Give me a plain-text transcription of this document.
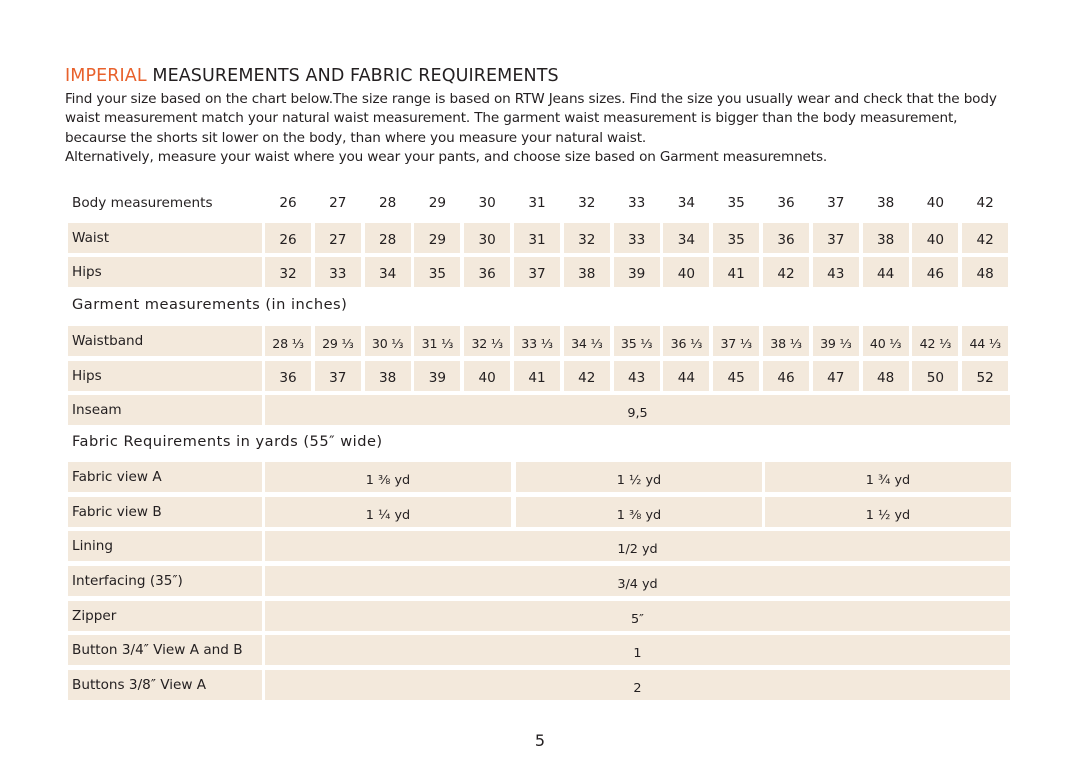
IMPERIAL MEASUREMENTS AND FABRIC REQUIREMENTS

Find your size based on the chart below.The size range is based on RTW Jeans sizes. Find the size you usually wear and check that the body waist measurement match your natural waist measurement. The garment waist measurement is bigger than the body measurement, becaurse the shorts sit lower on the body, than where you measure your natural waist.

Alternatively, measure your waist where you wear your pants, and choose size based on Garment measuremnets.

Body measurements	26	27	28	29	30	31	32	33	34	35	36	37	38	40	42
Waist	26	27	28	29	30	31	32	33	34	35	36	37	38	40	42
Hips	32	33	34	35	36	37	38	39	40	41	42	43	44	46	48
Garment measurements (in inches)
Waistband	28 ⅓	29 ⅓	30 ⅓	31 ⅓	32 ⅓	33 ⅓	34 ⅓	35 ⅓	36 ⅓	37 ⅓	38 ⅓	39 ⅓	40 ⅓	42 ⅓	44 ⅓
Hips	36	37	38	39	40	41	42	43	44	45	46	47	48	50	52
Inseam	9,5
Fabric Requirements in yards (55″ wide)
Fabric view A	1 ⅜ yd	1 ½ yd	1 ¾ yd
Fabric view B	1 ¼ yd	1 ⅜ yd	1 ½ yd
Lining	1/2 yd
Interfacing (35″)	3/4 yd
Zipper	5″
Button 3/4″ View A and B	1
Buttons 3/8″ View A	2
5
